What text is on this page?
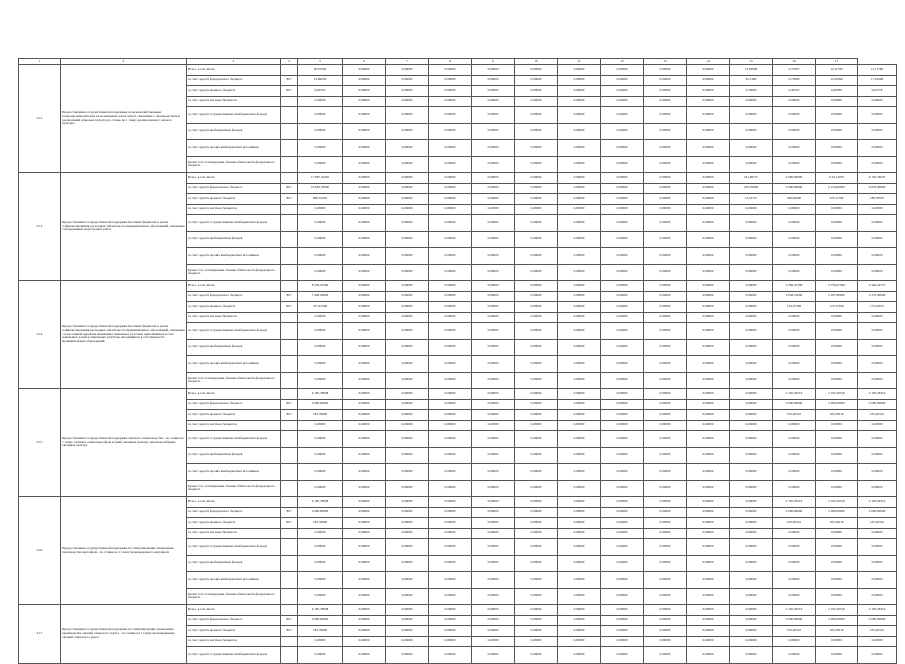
1	2	3	4	5	6	7	8	9	10	11	12	13	14	15	16	17	
3.12.	Предоставление государственной поддержки сельскохозяйственным товаропроизводителям на возмещение части затрат, связанных с производством и реализацией зерновых культур по ставке на 1 тонну реализованного зерна в культуре	Всего, в том числе:		20.01262	0,00000	0,00000	0,00000	0,00000	0,00000	0,00000	0,00000	0,00000	0,00000	12,00000	0,70767	12,11789	11,11789
		за счет средств федерального бюджета	807	21,80059	0,00000	0,00000	0,00000	0,00000	0,00000	0,00000	0,00000	0,00000	0,00000	8,11399	0,75000	12,50399	17,25000
		за счет средств краевого бюджета	807	6,62203	0,00000	0,00000	0,00000	0,00000	0,00000	0,00000	0,00000	0,00000	0,00000	3,70000	0,49765	0,99789	0,65778
		за счет средств местных бюджетов		0,00000	0,00000	0,00000	0,00000	0,00000	0,00000	0,00000	0,00000	0,00000	0,00000	0,00000	0,00000	0,00000	0,00000
		за счет средств государственных внебюджетных фондов		0,00000	0,00000	0,00000	0,00000	0,00000	0,00000	0,00000	0,00000	0,00000	0,00000	0,00000	0,00000	0,00000	0,00000
		за счет средств внебюджетных фондов		0,00000	0,00000	0,00000	0,00000	0,00000	0,00000	0,00000	0,00000	0,00000	0,00000	0,00000	0,00000	0,00000	0,00000
		за счет средств прочих внебюджетных источников		0,00000	0,00000	0,00000	0,00000	0,00000	0,00000	0,00000	0,00000	0,00000	0,00000	0,00000	0,00000	0,00000	0,00000
		Кроме того, планируемые объемы обязательств федерального бюджета		0,00000	0,00000	0,00000	0,00000	0,00000	0,00000	0,00000	0,00000	0,00000	0,00000	0,00000	0,00000	0,00000	0,00000
3.13.	Предоставление государственной поддержки местным бюджетам в целях софинансирования расходных обязательств муниципальных образований, связанных с проведением кадастровых работ	Всего, в том числе:		17 807,19262	0,00000	0,00000	0,00000	0,00000	0,00000	0,00000	0,00000	0,00000	0,00000	241,69757	4 960,00000	6 44,15070	6 102,79647
		за счет средств федерального бюджета	807	16 892,70000	0,00000	0,00000	0,00000	0,00000	0,00000	0,00000	0,00000	0,00000	0,00000	232,70000	4 960,00000	6 124,00000	6 070,00000
		за счет средств краевого бюджета	807	806,35263	0,00000	0,00000	0,00000	0,00000	0,00000	0,00000	0,00000	0,00000	0,00000	15,32727	300,00000	323,11799	186,78507
		за счет средств местных бюджетов		0,00000	0,00000	0,00000	0,00000	0,00000	0,00000	0,00000	0,00000	0,00000	0,00000	0,00000	0,00000	0,00000	0,00000
		за счет средств государственных внебюджетных фондов		0,00000	0,00000	0,00000	0,00000	0,00000	0,00000	0,00000	0,00000	0,00000	0,00000	0,00000	0,00000	0,00000	0,00000
		за счет средств внебюджетных фондов		0,00000	0,00000	0,00000	0,00000	0,00000	0,00000	0,00000	0,00000	0,00000	0,00000	0,00000	0,00000	0,00000	0,00000
		за счет средств прочих внебюджетных источников		0,00000	0,00000	0,00000	0,00000	0,00000	0,00000	0,00000	0,00000	0,00000	0,00000	0,00000	0,00000	0,00000	0,00000
		Кроме того, планируемые объемы обязательств федерального бюджета		0,00000	0,00000	0,00000	0,00000	0,00000	0,00000	0,00000	0,00000	0,00000	0,00000	0,00000	0,00000	0,00000	0,00000
3.14.	Предоставление государственной поддержки местным бюджетам в целях софинансирования расходных обязательств муниципальных образований, связанных с подготовкой проектов межевания земельных участков, выполняемых в счет земельных долей и земельных участков, находящихся в собственности муниципальных образований	Всего, в том числе:		8 502,47266	0,00000	0,00000	0,00000	0,00000	0,00000	0,00000	0,00000	0,00000	0,00000	0,00000	2 282,47398	2 378,47398	2 444,52757
		за счет средств федерального бюджета	807	7 928,20000	0,00000	0,00000	0,00000	0,00000	0,00000	0,00000	0,00000	0,00000	0,00000	0,00000	2 058,10000	2 297,90000	2 272,30000
		за счет средств краевого бюджета	807	475,47266	0,00000	0,00000	0,00000	0,00000	0,00000	0,00000	0,00000	0,00000	0,00000	0,00000	124,37398	172,57398	175,22631
		за счет средств местных бюджетов		0,00000	0,00000	0,00000	0,00000	0,00000	0,00000	0,00000	0,00000	0,00000	0,00000	0,00000	0,00000	0,00000	0,00000
		за счет средств государственных внебюджетных фондов		0,00000	0,00000	0,00000	0,00000	0,00000	0,00000	0,00000	0,00000	0,00000	0,00000	0,00000	0,00000	0,00000	0,00000
		за счет средств внебюджетных фондов		0,00000	0,00000	0,00000	0,00000	0,00000	0,00000	0,00000	0,00000	0,00000	0,00000	0,00000	0,00000	0,00000	0,00000
		за счет средств прочих внебюджетных источников		0,00000	0,00000	0,00000	0,00000	0,00000	0,00000	0,00000	0,00000	0,00000	0,00000	0,00000	0,00000	0,00000	0,00000
		Кроме того, планируемые объемы обязательств федерального бюджета		0,00000	0,00000	0,00000	0,00000	0,00000	0,00000	0,00000	0,00000	0,00000	0,00000	0,00000	0,00000	0,00000	0,00000
3.15.	Предоставление государственной поддержки элитного семеноводства - по ставке на 1 тонну элитных семян картофеля и (или) овощных культур, включая гибриды овощных культур	Всего, в том числе:		9 185,78948	0,00000	0,00000	0,00000	0,00000	0,00000	0,00000	0,00000	0,00000	0,00000	0,00000	2 105,26316	2 105,26316	2 105,26316
		за счет средств федерального бюджета	807	9 000,00000	0,00000	0,00000	0,00000	0,00000	0,00000	0,00000	0,00000	0,00000	0,00000	0,00000	2 000,00000	2 000,00000	2 000,00000
		за счет средств краевого бюджета	807	185,78948	0,00000	0,00000	0,00000	0,00000	0,00000	0,00000	0,00000	0,00000	0,00000	0,00000	105,26316	105,26316	105,26316
		за счет средств местных бюджетов		0,00000	0,00000	0,00000	0,00000	0,00000	0,00000	0,00000	0,00000	0,00000	0,00000	0,00000	0,00000	0,00000	0,00000
		за счет средств государственных внебюджетных фондов		0,00000	0,00000	0,00000	0,00000	0,00000	0,00000	0,00000	0,00000	0,00000	0,00000	0,00000	0,00000	0,00000	0,00000
		за счет средств внебюджетных фондов		0,00000	0,00000	0,00000	0,00000	0,00000	0,00000	0,00000	0,00000	0,00000	0,00000	0,00000	0,00000	0,00000	0,00000
		за счет средств прочих внебюджетных источников		0,00000	0,00000	0,00000	0,00000	0,00000	0,00000	0,00000	0,00000	0,00000	0,00000	0,00000	0,00000	0,00000	0,00000
		Кроме того, планируемые объемы обязательств федерального бюджета		0,00000	0,00000	0,00000	0,00000	0,00000	0,00000	0,00000	0,00000	0,00000	0,00000	0,00000	0,00000	0,00000	0,00000
3.16.	Предоставление государственной поддержки на стимулирование увеличения производства картофеля - по ставке на 1 тонну произведенного картофеля	Всего, в том числе:		9 185,78948	0,00000	0,00000	0,00000	0,00000	0,00000	0,00000	0,00000	0,00000	0,00000	0,00000	2 105,26316	2 105,26316	2 105,26316
		за счет средств федерального бюджета	807	9 000,00000	0,00000	0,00000	0,00000	0,00000	0,00000	0,00000	0,00000	0,00000	0,00000	0,00000	2 000,00000	2 000,00000	2 000,00000
		за счет средств краевого бюджета	807	185,78948	0,00000	0,00000	0,00000	0,00000	0,00000	0,00000	0,00000	0,00000	0,00000	0,00000	105,26316	105,26316	105,26316
		за счет средств местных бюджетов		0,00000	0,00000	0,00000	0,00000	0,00000	0,00000	0,00000	0,00000	0,00000	0,00000	0,00000	0,00000	0,00000	0,00000
		за счет средств государственных внебюджетных фондов		0,00000	0,00000	0,00000	0,00000	0,00000	0,00000	0,00000	0,00000	0,00000	0,00000	0,00000	0,00000	0,00000	0,00000
		за счет средств внебюджетных фондов		0,00000	0,00000	0,00000	0,00000	0,00000	0,00000	0,00000	0,00000	0,00000	0,00000	0,00000	0,00000	0,00000	0,00000
		за счет средств прочих внебюджетных источников		0,00000	0,00000	0,00000	0,00000	0,00000	0,00000	0,00000	0,00000	0,00000	0,00000	0,00000	0,00000	0,00000	0,00000
		Кроме того, планируемые объемы обязательств федерального бюджета		0,00000	0,00000	0,00000	0,00000	0,00000	0,00000	0,00000	0,00000	0,00000	0,00000	0,00000	0,00000	0,00000	0,00000
3.17.	Предоставление государственной поддержки на стимулирование увеличения производства овощей открытого грунта - по ставке на 1 тонну произведенных овощей открытого грунта	Всего, в том числе:		9 185,78948	0,00000	0,00000	0,00000	0,00000	0,00000	0,00000	0,00000	0,00000	0,00000	0,00000	2 105,26316	2 105,26316	2 105,26316
		за счет средств федерального бюджета	807	9 000,00000	0,00000	0,00000	0,00000	0,00000	0,00000	0,00000	0,00000	0,00000	0,00000	0,00000	2 000,00000	2 000,00000	2 000,00000
		за счет средств краевого бюджета	807	185,78948	0,00000	0,00000	0,00000	0,00000	0,00000	0,00000	0,00000	0,00000	0,00000	0,00000	105,26316	105,26316	105,26316
		за счет средств местных бюджетов		0,00000	0,00000	0,00000	0,00000	0,00000	0,00000	0,00000	0,00000	0,00000	0,00000	0,00000	0,00000	0,00000	0,00000
		за счет средств государственных внебюджетных фондов		0,00000	0,00000	0,00000	0,00000	0,00000	0,00000	0,00000	0,00000	0,00000	0,00000	0,00000	0,00000	0,00000	0,00000
